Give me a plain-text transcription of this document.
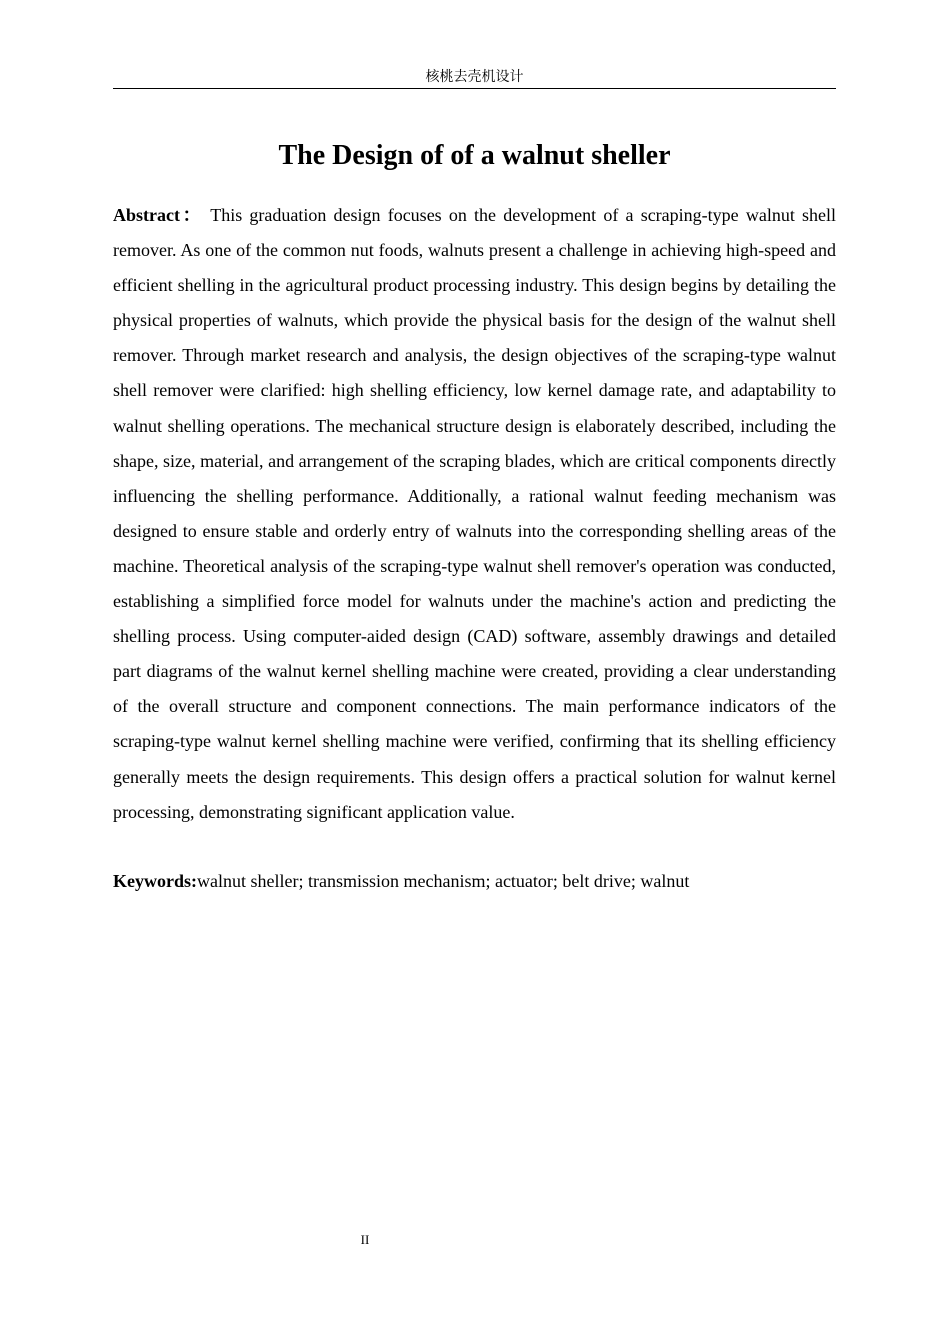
核桃去壳机设计
The Design of of a walnut sheller

Abstract： This graduation design focuses on the development of a scraping-type walnut shell remover. As one of the common nut foods, walnuts present a challenge in achieving high-speed and efficient shelling in the agricultural product processing industry. This design begins by detailing the physical properties of walnuts, which provide the physical basis for the design of the walnut shell remover. Through market research and analysis, the design objectives of the scraping-type walnut shell remover were clarified: high shelling efficiency, low kernel damage rate, and adaptability to walnut shelling operations. The mechanical structure design is elaborately described, including the shape, size, material, and arrangement of the scraping blades, which are critical components directly influencing the shelling performance. Additionally, a rational walnut feeding mechanism was designed to ensure stable and orderly entry of walnuts into the corresponding shelling areas of the machine. Theoretical analysis of the scraping-type walnut shell remover's operation was conducted, establishing a simplified force model for walnuts under the machine's action and predicting the shelling process. Using computer-aided design (CAD) software, assembly drawings and detailed part diagrams of the walnut kernel shelling machine were created, providing a clear understanding of the overall structure and component connections. The main performance indicators of the scraping-type walnut kernel shelling machine were verified, confirming that its shelling efficiency generally meets the design requirements. This design offers a practical solution for walnut kernel processing, demonstrating significant application value.

Keywords:walnut sheller; transmission mechanism; actuator; belt drive; walnut

II
